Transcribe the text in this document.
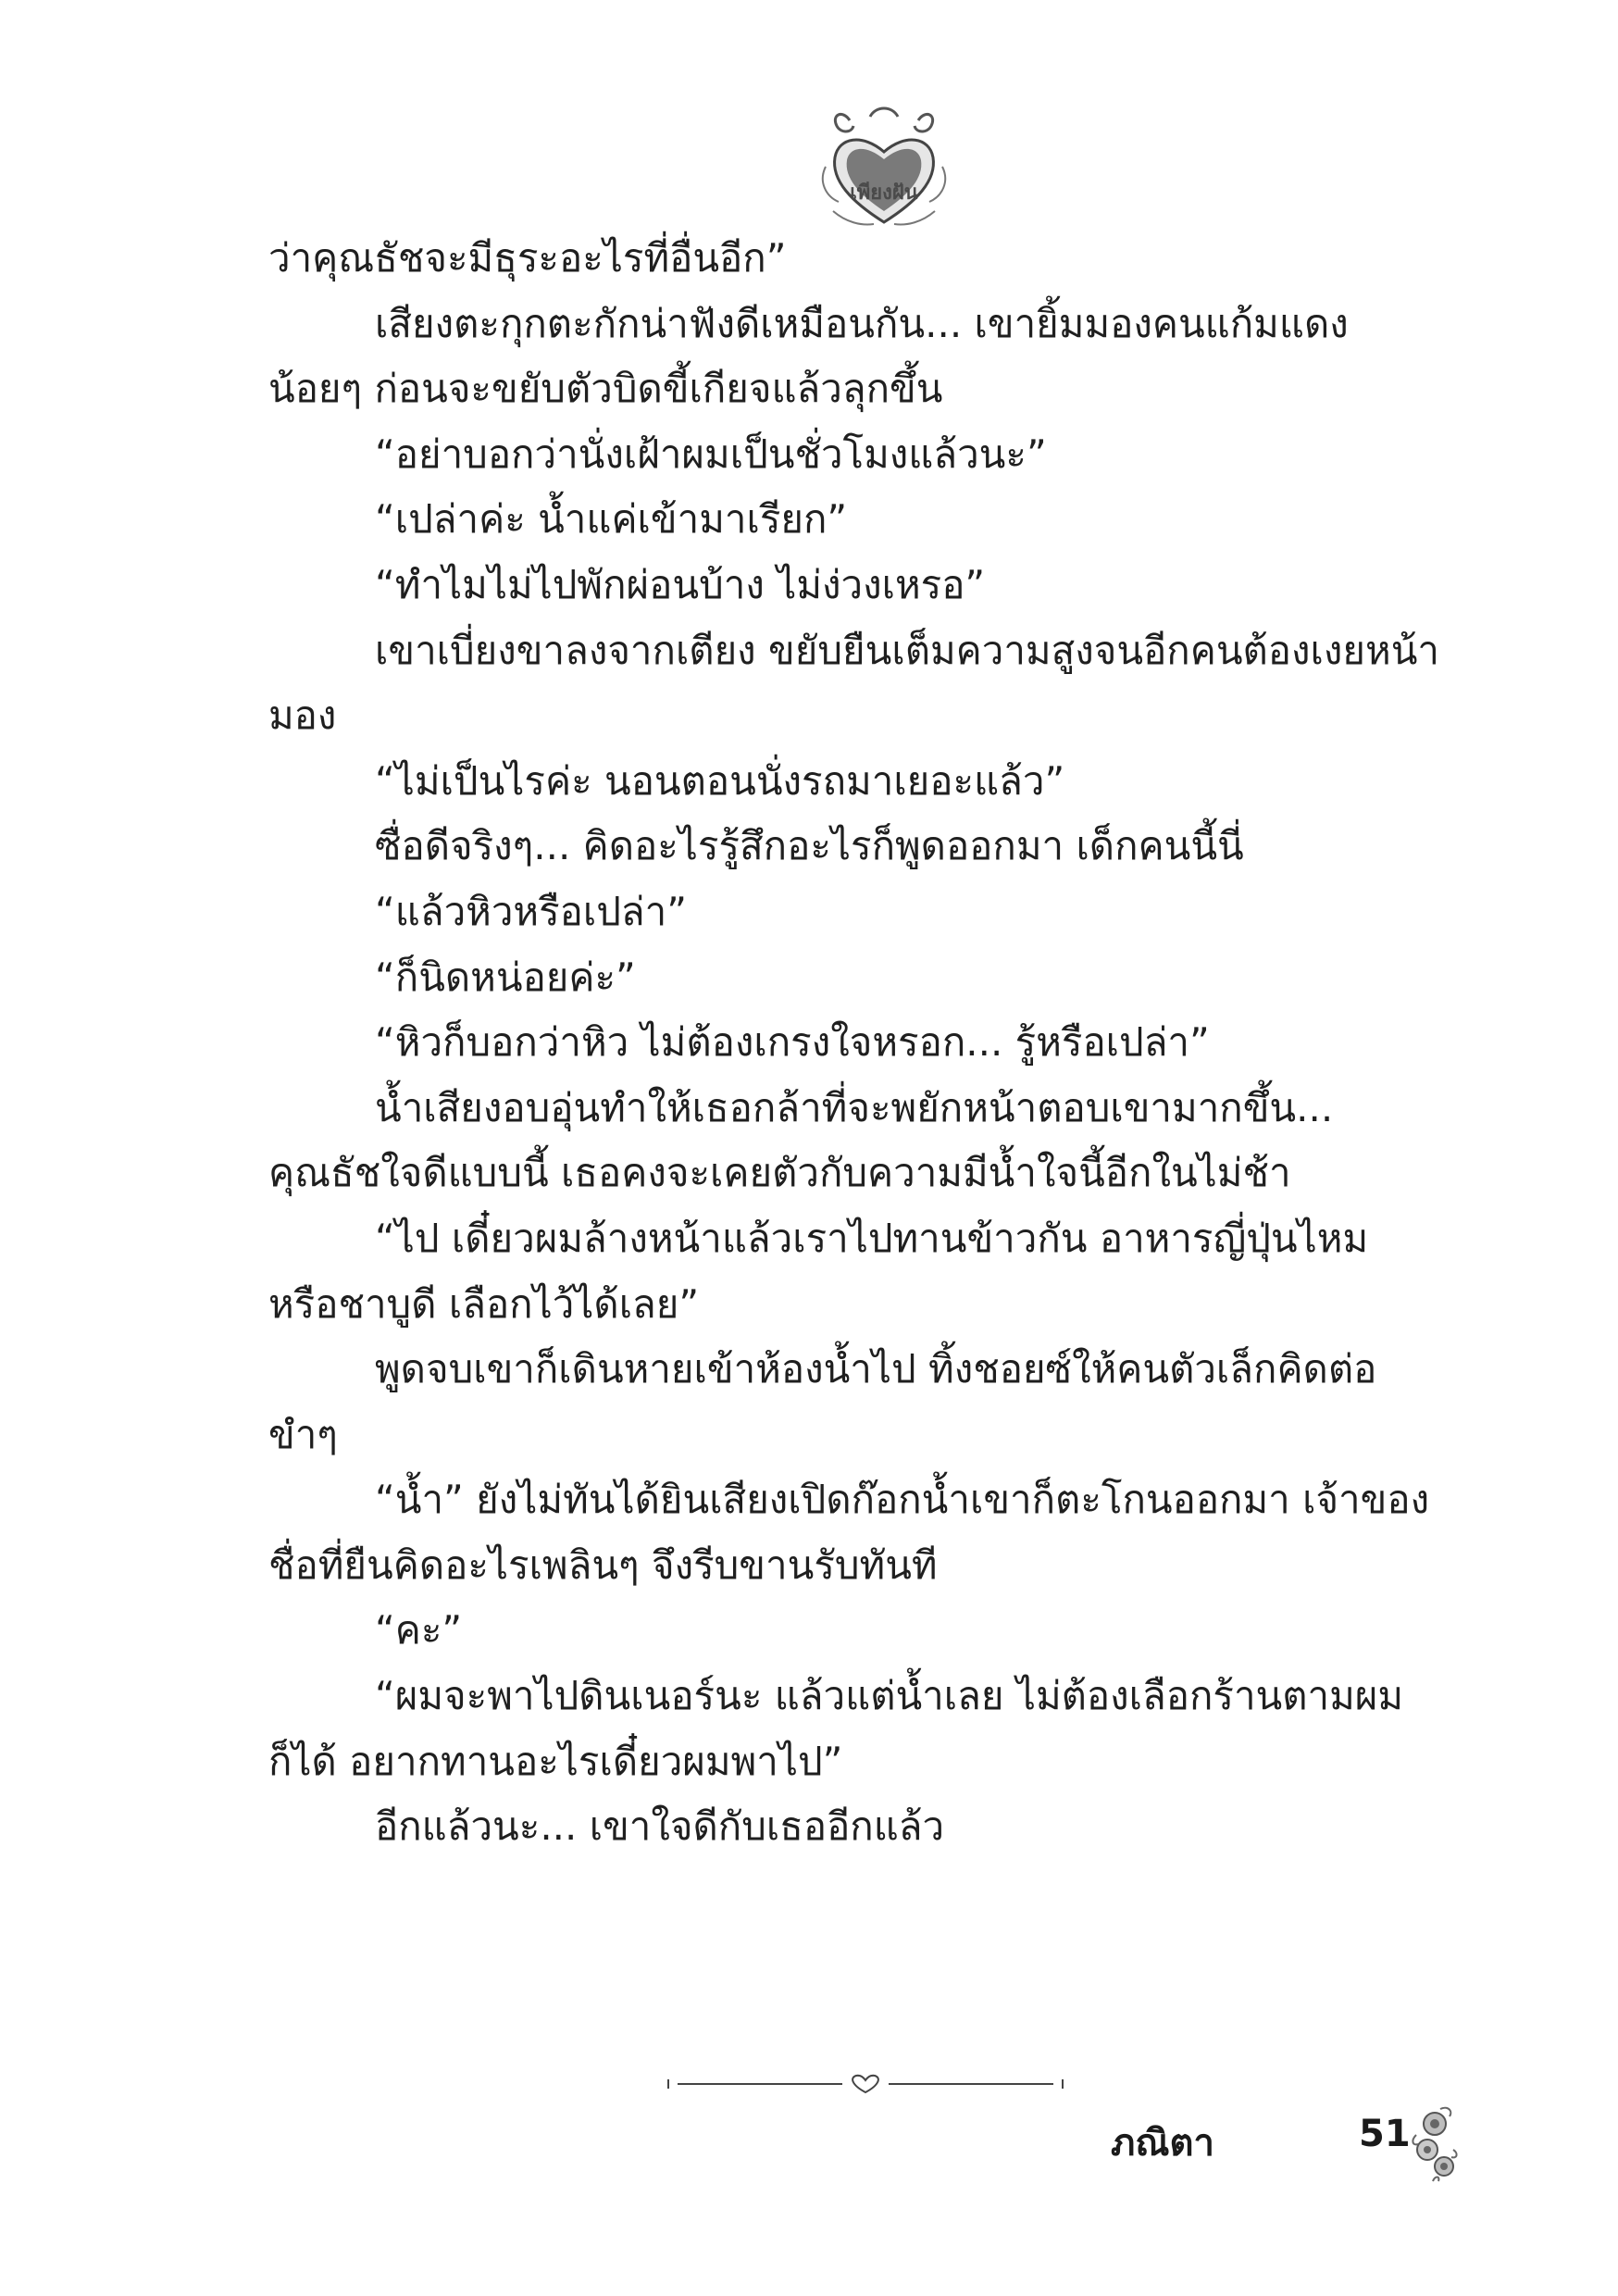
เพียงฝัน
ว่าคุณธัชจะมีธุระอะไรที่อื่นอีก”
เสียงตะกุกตะกักน่าฟังดีเหมือนกัน... เขายิ้มมองคนแก้มแดง
น้อยๆ ก่อนจะขยับตัวบิดขี้เกียจแล้วลุกขึ้น
“อย่าบอกว่านั่งเฝ้าผมเป็นชั่วโมงแล้วนะ”
“เปล่าค่ะ น้ำแค่เข้ามาเรียก”
“ทำไมไม่ไปพักผ่อนบ้าง ไม่ง่วงเหรอ”
เขาเบี่ยงขาลงจากเตียง ขยับยืนเต็มความสูงจนอีกคนต้องเงยหน้า
มอง
“ไม่เป็นไรค่ะ นอนตอนนั่งรถมาเยอะแล้ว”
ซื่อดีจริงๆ... คิดอะไรรู้สึกอะไรก็พูดออกมา เด็กคนนี้นี่
“แล้วหิวหรือเปล่า”
“ก็นิดหน่อยค่ะ”
“หิวก็บอกว่าหิว ไม่ต้องเกรงใจหรอก... รู้หรือเปล่า”
น้ำเสียงอบอุ่นทำให้เธอกล้าที่จะพยักหน้าตอบเขามากขึ้น...
คุณธัชใจดีแบบนี้ เธอคงจะเคยตัวกับความมีน้ำใจนี้อีกในไม่ช้า
“ไป เดี๋ยวผมล้างหน้าแล้วเราไปทานข้าวกัน อาหารญี่ปุ่นไหม
หรือชาบูดี เลือกไว้ได้เลย”
พูดจบเขาก็เดินหายเข้าห้องน้ำไป ทิ้งชอยซ์ให้คนตัวเล็กคิดต่อ
ขำๆ
“น้ำ” ยังไม่ทันได้ยินเสียงเปิดก๊อกน้ำเขาก็ตะโกนออกมา เจ้าของ
ชื่อที่ยืนคิดอะไรเพลินๆ จึงรีบขานรับทันที
“คะ”
“ผมจะพาไปดินเนอร์นะ แล้วแต่น้ำเลย ไม่ต้องเลือกร้านตามผม
ก็ได้ อยากทานอะไรเดี๋ยวผมพาไป”
อีกแล้วนะ... เขาใจดีกับเธออีกแล้ว
ภณิตา	51
